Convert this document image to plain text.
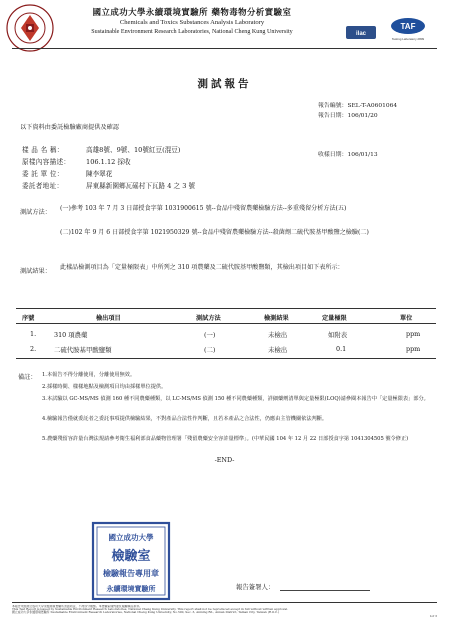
國立成功大學永續環境實驗所 藥物毒物分析實驗室
Chemicals and Toxics Substances Analysis Laboratory
Sustainable Environment Research Laboratories, National Cheng Kung University	ilac
TAF
Testing Laboratory 2809
測試報告
報告編號：SEL-T-A0601064
報告日期：106/01/20
以下資料由委託檢驗廠商提供及確認
樣 品 名 稱：	高雄8號、9號、10號紅豆(混豆)
收樣日期：106/01/13
原樣內容描述： 106.1.12 採收
委 託 單 位：	陳李翠花
委託者地址：	屏東縣新園鄉瓦磘村下瓦路 4 之 3 號
測試方法：
(一)參考 103 年 7 月 3 日部授食字第 1031900615 號--食品中殘留農藥檢驗方法--多重殘留分析方法(五)
(二)102 年 9 月 6 日部授食字第 1021950329 號--食品中殘留農藥檢驗方法--殺菌劑二硫代胺基甲酸鹽之檢驗(二)
測試結果：
此樣品檢測項目為「定量極限表」中所列之 310 項農藥及二硫代胺基甲酸鹽類，其檢出項目如下表所示：
序號	檢出項目	測試方法	檢測結果	定量極限	單位
1.	310 項農藥	(一)	未檢出	如附表	ppm
2.	二硫代胺基甲酸鹽類	(二)	未檢出	0.1	ppm
備註： 1.本報告不得分離使用，分離使用無效。
2.採樣時間、樣樣地點及檢測項目均由採樣單位提供。
3.本試驗以 GC-MS/MS 偵測 160 種不同農藥種類，以 LC-MS/MS 偵測 150 種不同農藥種類，詳細藥劑清單與定量極限(LOQ)請參閱本報告中「定量極限表」部分。
4.檢驗報告僅就委託者之委託事項提供檢驗結果，不對產品合法性作判斷，且若本產品之合法性，仍應由主管機關依法判斷。
5.農藥殘留容許量台灣法規請參考衛生福利部食品藥物管理署「殘留農藥安全容許量標準」。(中華民國 104 年 12 月 22 日部授食字第 1041304505 號令修正)
-END-
國立成功大學
檢驗室
檢驗報告專用章
永續環境實驗所	報告簽署人：
本報告未經國立成功大學永續環境實驗所書面同意，不得部分複製。本實驗室僅對委託檢驗樣品負責。
This Test Report is issued by Sustainable Environment Research Laboratories, National Cheng Kung University. This report shall not be reproduced except in full without written approval.
國立成功大學永續環境實驗所 Sustainable Environment Research Laboratories, National Cheng Kung University, No.500, Sec. 3, Anming Rd., Annan District, Tainan City, Taiwan (R.O.C.)
1of 3
